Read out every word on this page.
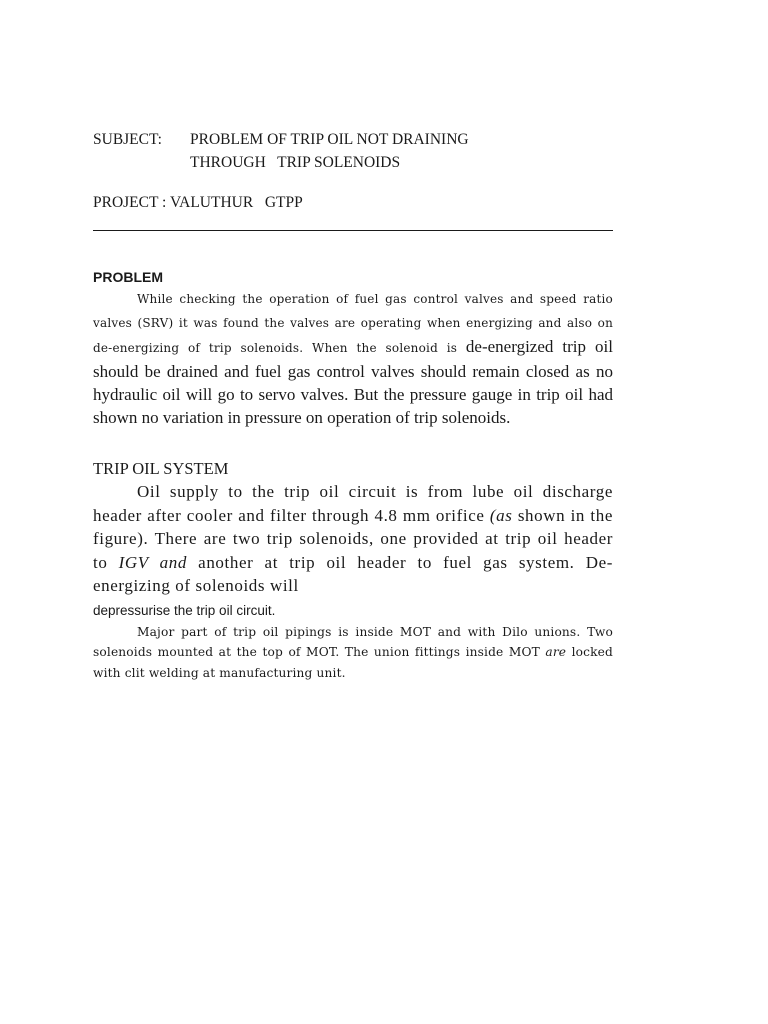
SUBJECT:	PROBLEM OF TRIP OIL NOT DRAINING
THROUGH   TRIP SOLENOIDS
PROJECT : VALUTHUR   GTPP
PROBLEM

While checking the operation of fuel gas control valves and speed ratio valves (SRV) it was found the valves are operating when energizing and also on de-energizing of trip solenoids. When the solenoid is de-energized trip oil should be drained and fuel gas control valves should remain closed as no hydraulic oil will go to servo valves. But the pressure gauge in trip oil had shown no variation in pressure on operation of trip solenoids.

TRIP OIL SYSTEM

Oil supply to the trip oil circuit is from lube oil discharge header after cooler and filter through 4.8 mm orifice (as shown in the figure). There are two trip solenoids, one provided at trip oil header to IGV and another at trip oil header to fuel gas system. De-energizing of solenoids will

depressurise the trip oil circuit.

Major part of trip oil pipings is inside MOT and with Dilo unions. Two solenoids mounted at the top of MOT. The union fittings inside MOT are locked with clit welding at manufacturing unit.
